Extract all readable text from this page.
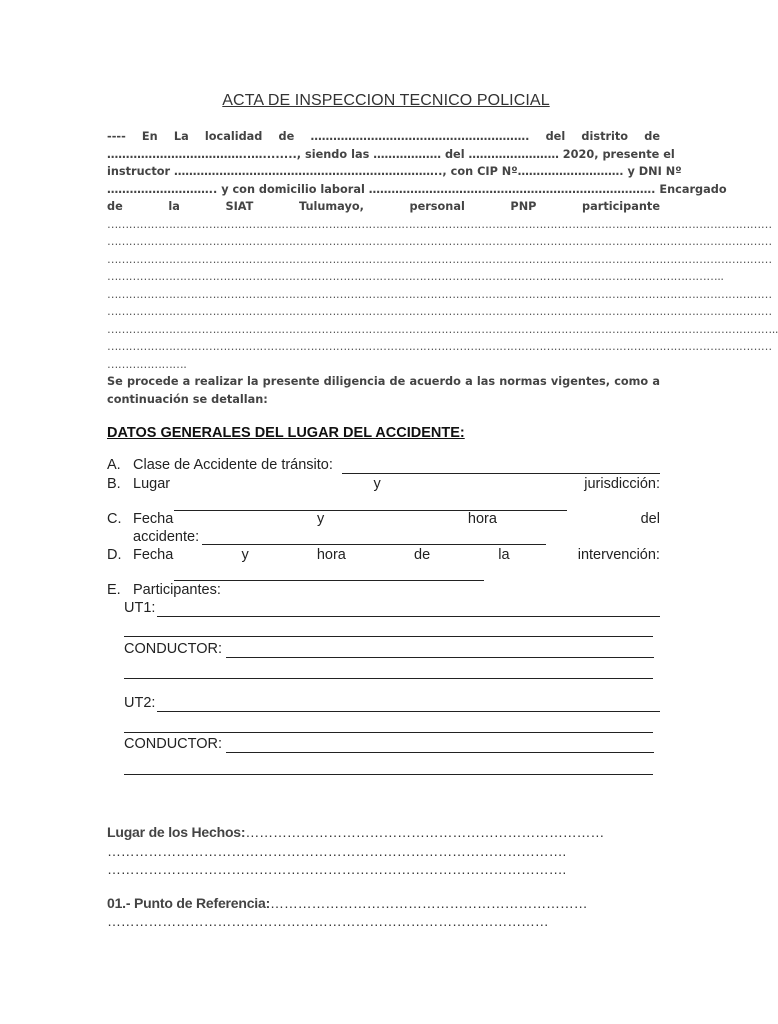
ACTA DE INSPECCION TECNICO POLICIAL
---- En La localidad de …………………………………………………. del distrito de
………………………………..…........, siendo las ……………… del …………………… 2020, presente el
instructor …………………………………………………………….., con CIP Nº………………………. y DNI Nº
……………………….. y con domicilio laboral …………………………………………………………………. Encargado
de la SIAT Tulumayo, personal PNP participante
…………………………………………………………………………………………………………………………………………………………………
…………………………………………………………………………………………………………………………………………………………………
…………………………………………………………………………………………………………………………………………………………………
……………………………………………………………………………………………………………………………………………………..
…………………………………………………………………………………………………………………………………………………………………
…………………………………………………………………………………………………………………………………………………………………
…………………………………………………………………………………………………………………………………………………………………..
…………………………………………………………………………………………………………………………………………………………………
………………….
Se procede a realizar la presente diligencia de acuerdo a las normas vigentes, como a
continuación se detallan:
DATOS GENERALES DEL LUGAR DEL ACCIDENTE:
A. Clase de Accidente de tránsito:
B. Lugar	y	jurisdicción:
C. Fecha	y	hora	del
accidente:
D. Fecha	y	hora	de	la	intervención:
E. Participantes:
UT1:
CONDUCTOR:
UT2:
CONDUCTOR:
Lugar de los Hechos:……………………………………………………………………
……………………………………………………………………………………….
……………………………………………………………………………………….
01.- Punto de Referencia:……………………………………………………………
……………………………………………………………………………………
